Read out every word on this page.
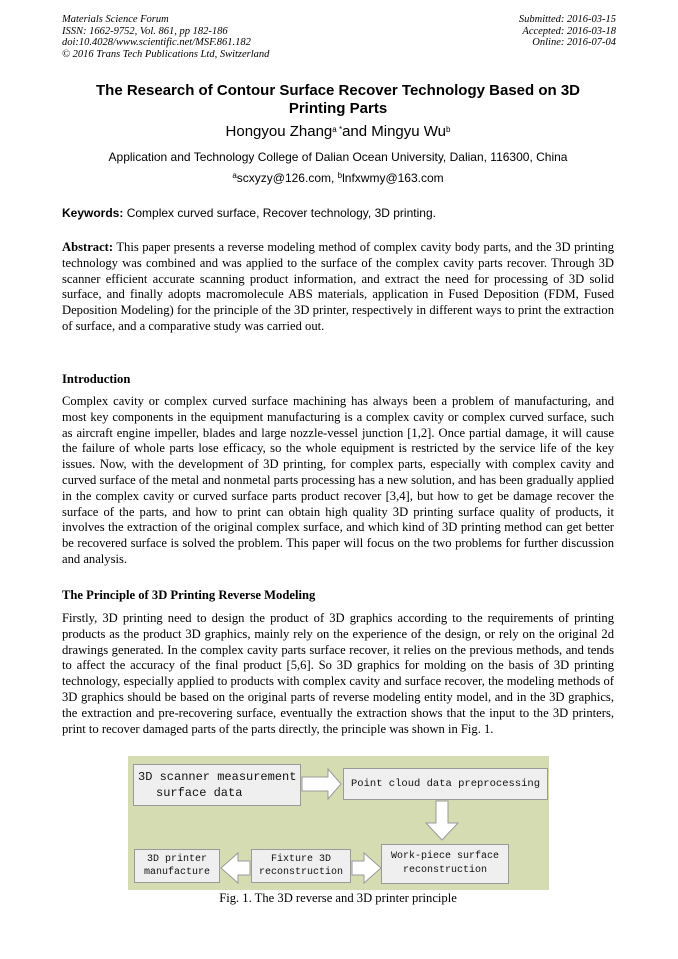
Materials Science Forum
ISSN: 1662-9752, Vol. 861, pp 182-186
doi:10.4028/www.scientific.net/MSF.861.182
© 2016 Trans Tech Publications Ltd, Switzerland
Submitted: 2016-03-15
Accepted: 2016-03-18
Online: 2016-07-04
The Research of Contour Surface Recover Technology Based on 3D
Printing Parts
Hongyou Zhang$^{a *}$and Mingyu Wu$^b$
Application and Technology College of Dalian Ocean University, Dalian, 116300, China
$^a$scxyzy@126.com, $^b$lnfxwmy@163.com
Keywords: Complex curved surface, Recover technology, 3D printing.
Abstract: This paper presents a reverse modeling method of complex cavity body parts, and the 3D printing technology was combined and was applied to the surface of the complex cavity parts recover. Through 3D scanner efficient accurate scanning product information, and extract the need for processing of 3D solid surface, and finally adopts macromolecule ABS materials, application in Fused Deposition (FDM, Fused Deposition Modeling) for the principle of the 3D printer, respectively in different ways to print the extraction of surface, and a comparative study was carried out.
Introduction
Complex cavity or complex curved surface machining has always been a problem of manufacturing, and most key components in the equipment manufacturing is a complex cavity or complex curved surface, such as aircraft engine impeller, blades and large nozzle-vessel junction [1,2]. Once partial damage, it will cause the failure of whole parts lose efficacy, so the whole equipment is restricted by the service life of the key issues. Now, with the development of 3D printing, for complex parts, especially with complex cavity and curved surface of the metal and nonmetal parts processing has a new solution, and has been gradually applied in the complex cavity or curved surface parts product recover [3,4], but how to get be damage recover the surface of the parts, and how to print can obtain high quality 3D printing surface quality of products, it involves the extraction of the original complex surface, and which kind of 3D printing method can get better be recovered surface is solved the problem. This paper will focus on the two problems for further discussion and analysis.
The Principle of 3D Printing Reverse Modeling
Firstly, 3D printing need to design the product of 3D graphics according to the requirements of printing products as the product 3D graphics, mainly rely on the experience of the design, or rely on the original 2d drawings generated. In the complex cavity parts surface recover, it relies on the previous methods, and tends to affect the accuracy of the final product [5,6]. So 3D graphics for molding on the basis of 3D printing technology, especially applied to products with complex cavity and surface recover, the modeling methods of 3D graphics should be based on the original parts of reverse modeling entity model, and in the 3D graphics, the extraction and pre-recovering surface, eventually the extraction shows that the input to the 3D printers, print to recover damaged parts of the parts directly, the principle was shown in Fig. 1.
3D scanner measurement
surface data
Point cloud data preprocessing
Work-piece surface
reconstruction
Fixture 3D
reconstruction
3D printer
manufacture
Fig. 1. The 3D reverse and 3D printer principle
